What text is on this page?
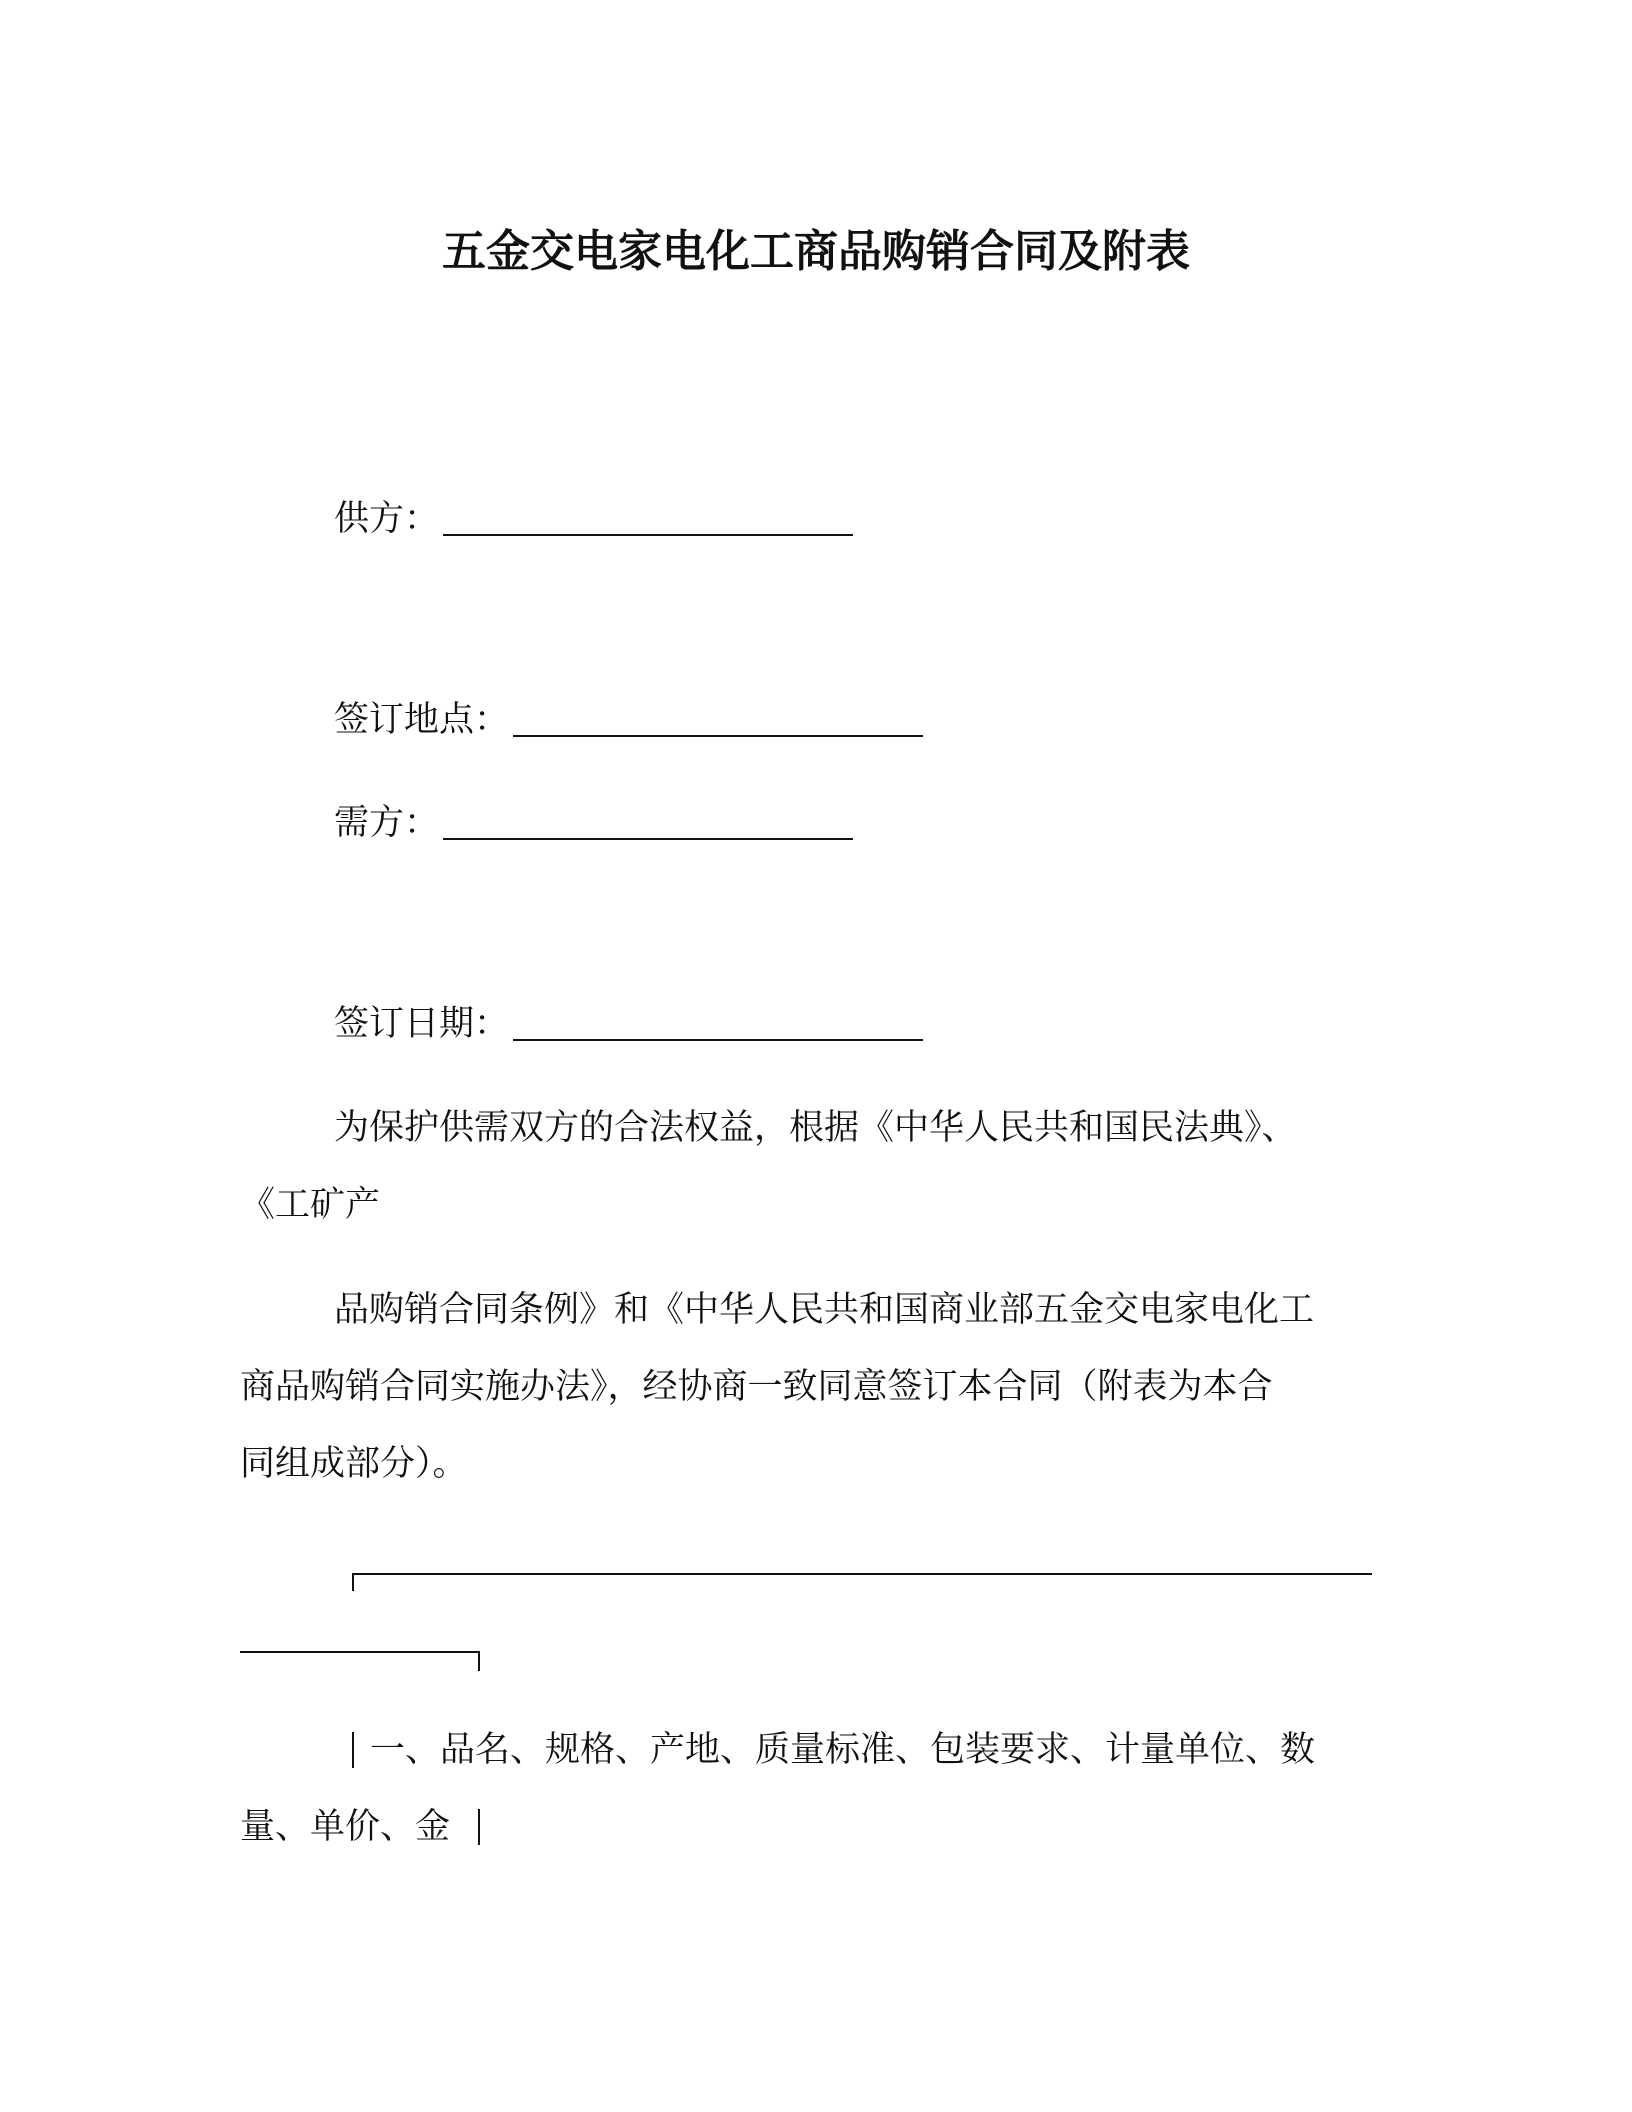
五金交电家电化工商品购销合同及附表
供方：
签订地点：
需方：
签订日期：
为保护供需双方的合法权益，根据《中华人民共和国民法典》、
《工矿产
品购销合同条例》和《中华人民共和国商业部五金交电家电化工
商品购销合同实施办法》，经协商一致同意签订本合同（附表为本合
同组成部分）。
一、品名、规格、产地、质量标准、包装要求、计量单位、数
量、单价、金
